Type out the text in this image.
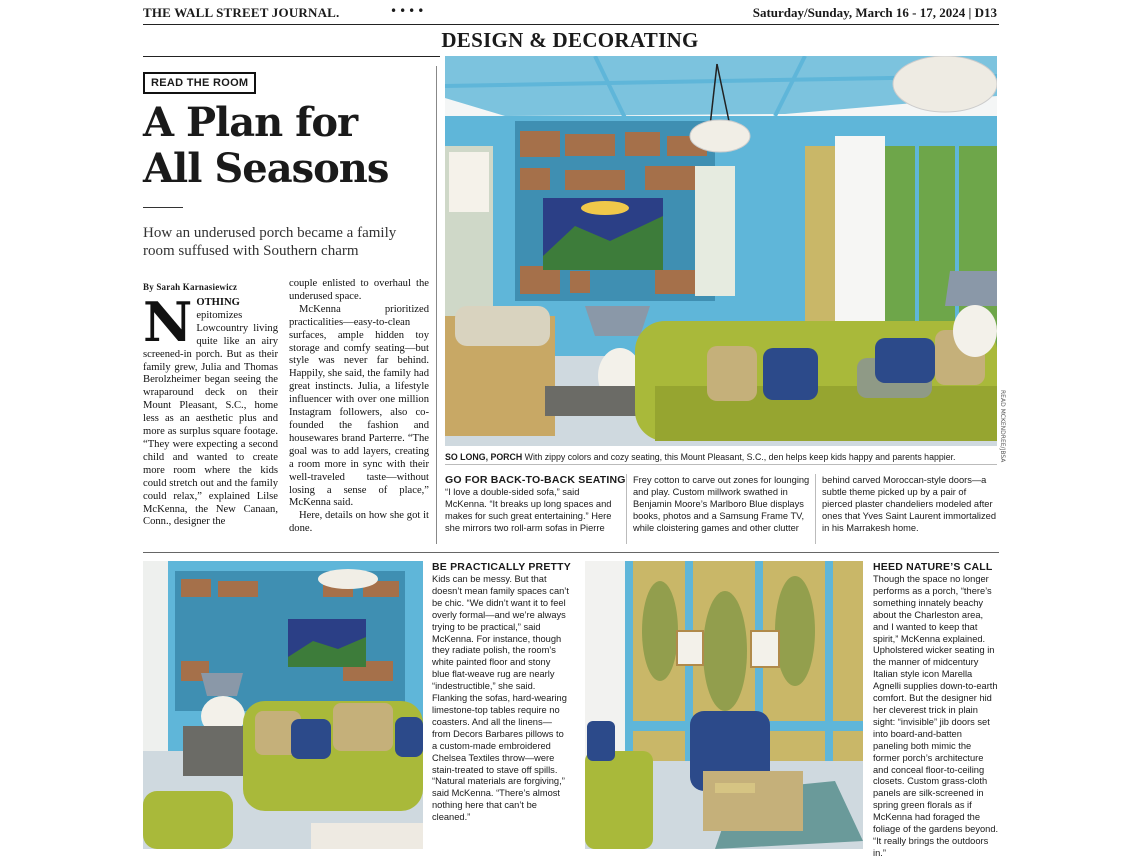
THE WALL STREET JOURNAL.	••••	Saturday/Sunday, March 16 - 17, 2024 | D13
DESIGN & DECORATING
READ THE ROOM
A Plan for
All Seasons
How an underused porch became a family room suffused with Southern charm
By Sarah Karnasiewicz
NOTHING epitomizes Lowcountry living quite like an airy screened-in porch. But as their family grew, Julia and Thomas Berolzheimer began seeing the wraparound deck on their Mount Pleasant, S.C., home less as an aesthetic plus and more as surplus square footage. “They were expecting a second child and wanted to create more room where the kids could stretch out and the family could relax,” explained Lilse McKenna, the New Canaan, Conn., designer the
couple enlisted to overhaul the underused space.
McKenna prioritized practicalities—easy-to-clean surfaces, ample hidden toy storage and comfy seating—but style was never far behind. Happily, she said, the family had great instincts. Julia, a lifestyle influencer with over one million Instagram followers, also co-founded the fashion and housewares brand Parterre. “The goal was to add layers, creating a room more in sync with their well-traveled taste—without losing a sense of place,” McKenna said.
Here, details on how she got it done.
READ MCKENDREE/JBSA
SO LONG, PORCH With zippy colors and cozy seating, this Mount Pleasant, S.C., den helps keep kids happy and parents happier.
GO FOR BACK-TO-BACK SEATING
“I love a double-sided sofa,” said McKenna. “It breaks up long spaces and makes for such great entertaining.” Here she mirrors two roll-arm sofas in Pierre
Frey cotton to carve out zones for lounging and play. Custom millwork swathed in Benjamin Moore’s Marlboro Blue displays books, photos and a Samsung Frame TV, while cloistering games and other clutter
behind carved Moroccan-style doors—a subtle theme picked up by a pair of pierced plaster chandeliers modeled after ones that Yves Saint Laurent immortalized in his Marrakesh home.
BE PRACTICALLY PRETTY
Kids can be messy. But that doesn’t mean family spaces can’t be chic. “We didn’t want it to feel overly formal—and we’re always trying to be practical,” said McKenna. For instance, though they radiate polish, the room’s white painted floor and stony blue flat-weave rug are nearly “indestructible,” she said. Flanking the sofas, hard-wearing limestone-top tables require no coasters. And all the linens—from Decors Barbares pillows to a custom-made embroidered Chelsea Textiles throw—were stain-treated to stave off spills. “Natural materials are forgiving,” said McKenna. “There’s almost nothing here that can’t be cleaned.”
HEED NATURE’S CALL
Though the space no longer performs as a porch, “there’s something innately beachy about the Charleston area, and I wanted to keep that spirit,” McKenna explained. Upholstered wicker seating in the manner of midcentury Italian style icon Marella Agnelli supplies down-to-earth comfort. But the designer hid her cleverest trick in plain sight: “invisible” jib doors set into board-and-batten paneling both mimic the former porch’s architecture and conceal floor-to-ceiling closets. Custom grass-cloth panels are silk-screened in spring green florals as if McKenna had foraged the foliage of the gardens beyond. “It really brings the outdoors in.”
